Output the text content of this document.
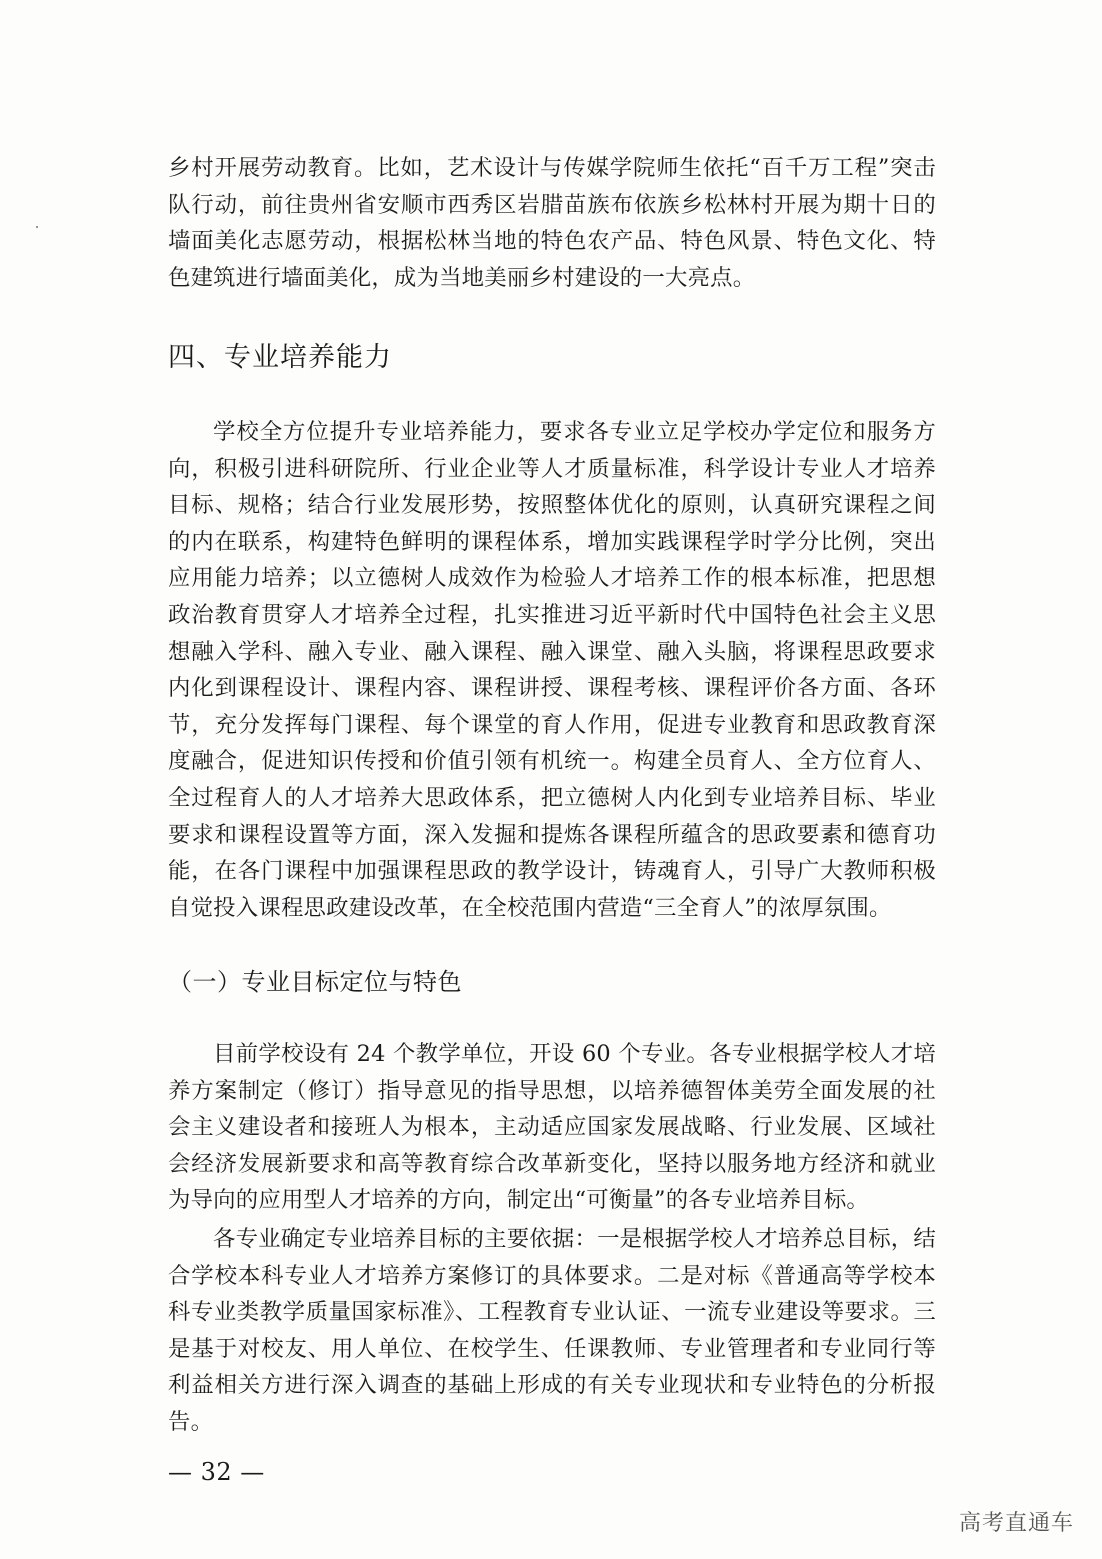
乡村开展劳动教育。比如，艺术设计与传媒学院师生依托“百千万工程”突击队行动，前往贵州省安顺市西秀区岩腊苗族布依族乡松林村开展为期十日的墙面美化志愿劳动，根据松林当地的特色农产品、特色风景、特色文化、特色建筑进行墙面美化，成为当地美丽乡村建设的一大亮点。

四、专业培养能力

学校全方位提升专业培养能力，要求各专业立足学校办学定位和服务方向，积极引进科研院所、行业企业等人才质量标准，科学设计专业人才培养目标、规格；结合行业发展形势，按照整体优化的原则，认真研究课程之间的内在联系，构建特色鲜明的课程体系，增加实践课程学时学分比例，突出应用能力培养；以立德树人成效作为检验人才培养工作的根本标准，把思想政治教育贯穿人才培养全过程，扎实推进习近平新时代中国特色社会主义思想融入学科、融入专业、融入课程、融入课堂、融入头脑，将课程思政要求内化到课程设计、课程内容、课程讲授、课程考核、课程评价各方面、各环节，充分发挥每门课程、每个课堂的育人作用，促进专业教育和思政教育深度融合，促进知识传授和价值引领有机统一。构建全员育人、全方位育人、全过程育人的人才培养大思政体系，把立德树人内化到专业培养目标、毕业要求和课程设置等方面，深入发掘和提炼各课程所蕴含的思政要素和德育功能，在各门课程中加强课程思政的教学设计，铸魂育人，引导广大教师积极自觉投入课程思政建设改革，在全校范围内营造“三全育人”的浓厚氛围。

（一）专业目标定位与特色

目前学校设有 24 个教学单位，开设 60 个专业。各专业根据学校人才培养方案制定（修订）指导意见的指导思想，以培养德智体美劳全面发展的社会主义建设者和接班人为根本，主动适应国家发展战略、行业发展、区域社会经济发展新要求和高等教育综合改革新变化，坚持以服务地方经济和就业为导向的应用型人才培养的方向，制定出“可衡量”的各专业培养目标。

各专业确定专业培养目标的主要依据：一是根据学校人才培养总目标，结合学校本科专业人才培养方案修订的具体要求。二是对标《普通高等学校本科专业类教学质量国家标准》、工程教育专业认证、一流专业建设等要求。三是基于对校友、用人单位、在校学生、任课教师、专业管理者和专业同行等利益相关方进行深入调查的基础上形成的有关专业现状和专业特色的分析报告。

— 32 —
高考直通车
